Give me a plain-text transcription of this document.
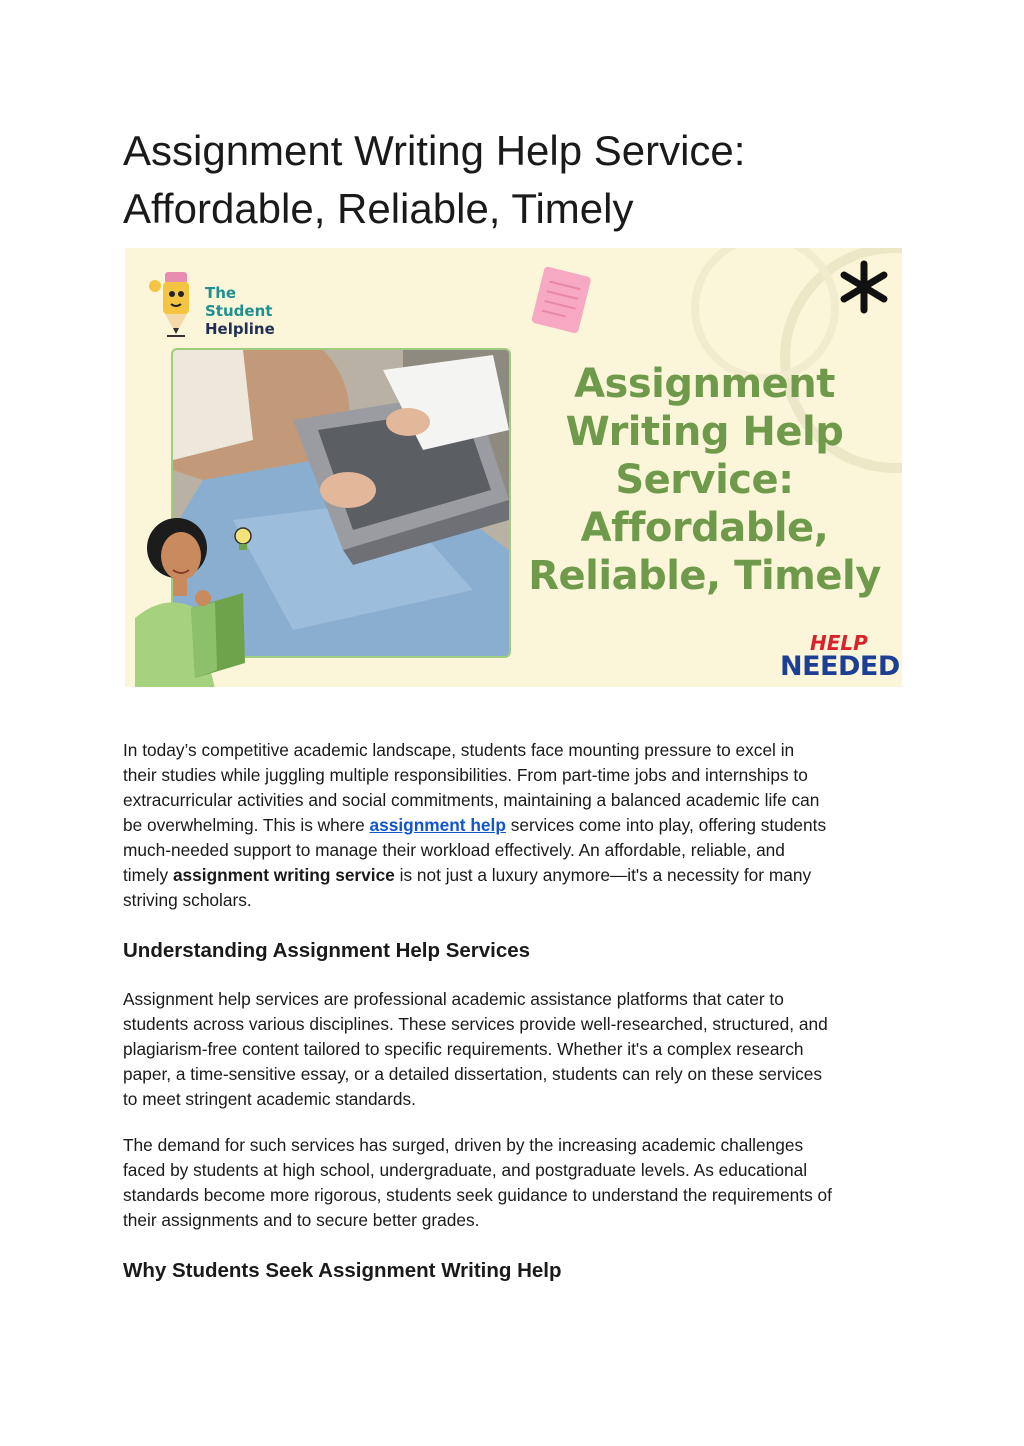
Assignment Writing Help Service:
Affordable, Reliable, Timely
The Student
Helpline
Assignment
Writing Help
Service:
Affordable,
Reliable, Timely
HELP
NEEDED

In today’s competitive academic landscape, students face mounting pressure to excel in
their studies while juggling multiple responsibilities. From part-time jobs and internships to
extracurricular activities and social commitments, maintaining a balanced academic life can
be overwhelming. This is where assignment help services come into play, offering students
much-needed support to manage their workload effectively. An affordable, reliable, and
timely assignment writing service is not just a luxury anymore—it's a necessity for many
striving scholars.

Understanding Assignment Help Services

Assignment help services are professional academic assistance platforms that cater to
students across various disciplines. These services provide well-researched, structured, and
plagiarism-free content tailored to specific requirements. Whether it's a complex research
paper, a time-sensitive essay, or a detailed dissertation, students can rely on these services
to meet stringent academic standards.

The demand for such services has surged, driven by the increasing academic challenges
faced by students at high school, undergraduate, and postgraduate levels. As educational
standards become more rigorous, students seek guidance to understand the requirements of
their assignments and to secure better grades.

Why Students Seek Assignment Writing Help
